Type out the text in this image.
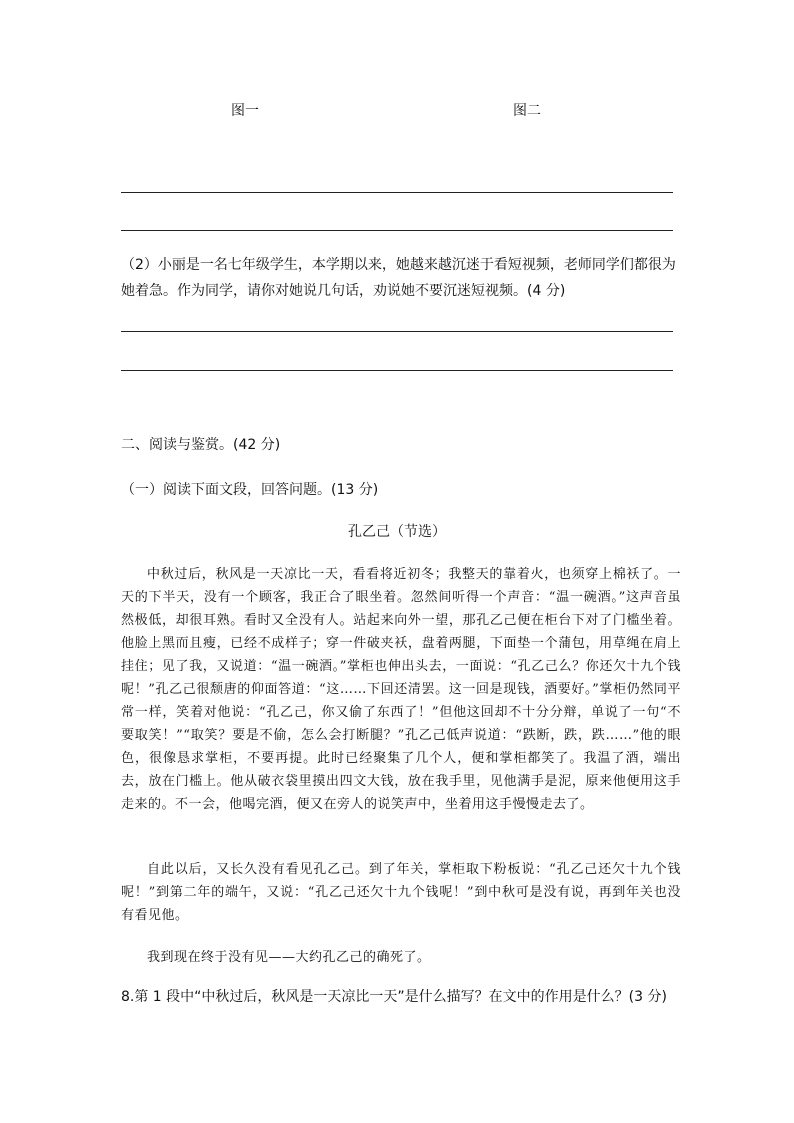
图一	图二
（2）小丽是一名七年级学生，本学期以来，她越来越沉迷于看短视频，老师同学们都很为她着急。作为同学，请你对她说几句话，劝说她不要沉迷短视频。(4 分)
二、阅读与鉴赏。(42 分)
（一）阅读下面文段，回答问题。(13 分)
孔乙己（节选）

中秋过后，秋风是一天凉比一天，看看将近初冬；我整天的靠着火，也须穿上棉袄了。一天的下半天，没有一个顾客，我正合了眼坐着。忽然间听得一个声音：“温一碗酒。”这声音虽然极低，却很耳熟。看时又全没有人。站起来向外一望，那孔乙己便在柜台下对了门槛坐着。他脸上黑而且瘦，已经不成样子；穿一件破夹袄，盘着两腿，下面垫一个蒲包，用草绳在肩上挂住；见了我，又说道：“温一碗酒。”掌柜也伸出头去，一面说：“孔乙己么？你还欠十九个钱呢！”孔乙己很颓唐的仰面答道：“这……下回还清罢。这一回是现钱，酒要好。”掌柜仍然同平常一样，笑着对他说：“孔乙己，你又偷了东西了！”但他这回却不十分分辩，单说了一句“不要取笑！”“取笑？要是不偷，怎么会打断腿？”孔乙己低声说道：“跌断，跌，跌……”他的眼色，很像恳求掌柜，不要再提。此时已经聚集了几个人，便和掌柜都笑了。我温了酒，端出去，放在门槛上。他从破衣袋里摸出四文大钱，放在我手里，见他满手是泥，原来他便用这手走来的。不一会，他喝完酒，便又在旁人的说笑声中，坐着用这手慢慢走去了。

自此以后，又长久没有看见孔乙己。到了年关，掌柜取下粉板说：“孔乙己还欠十九个钱呢！”到第二年的端午，又说：“孔乙己还欠十九个钱呢！”到中秋可是没有说，再到年关也没有看见他。

我到现在终于没有见——大约孔乙己的确死了。

8.第 1 段中“中秋过后，秋风是一天凉比一天”是什么描写？在文中的作用是什么？(3 分)
